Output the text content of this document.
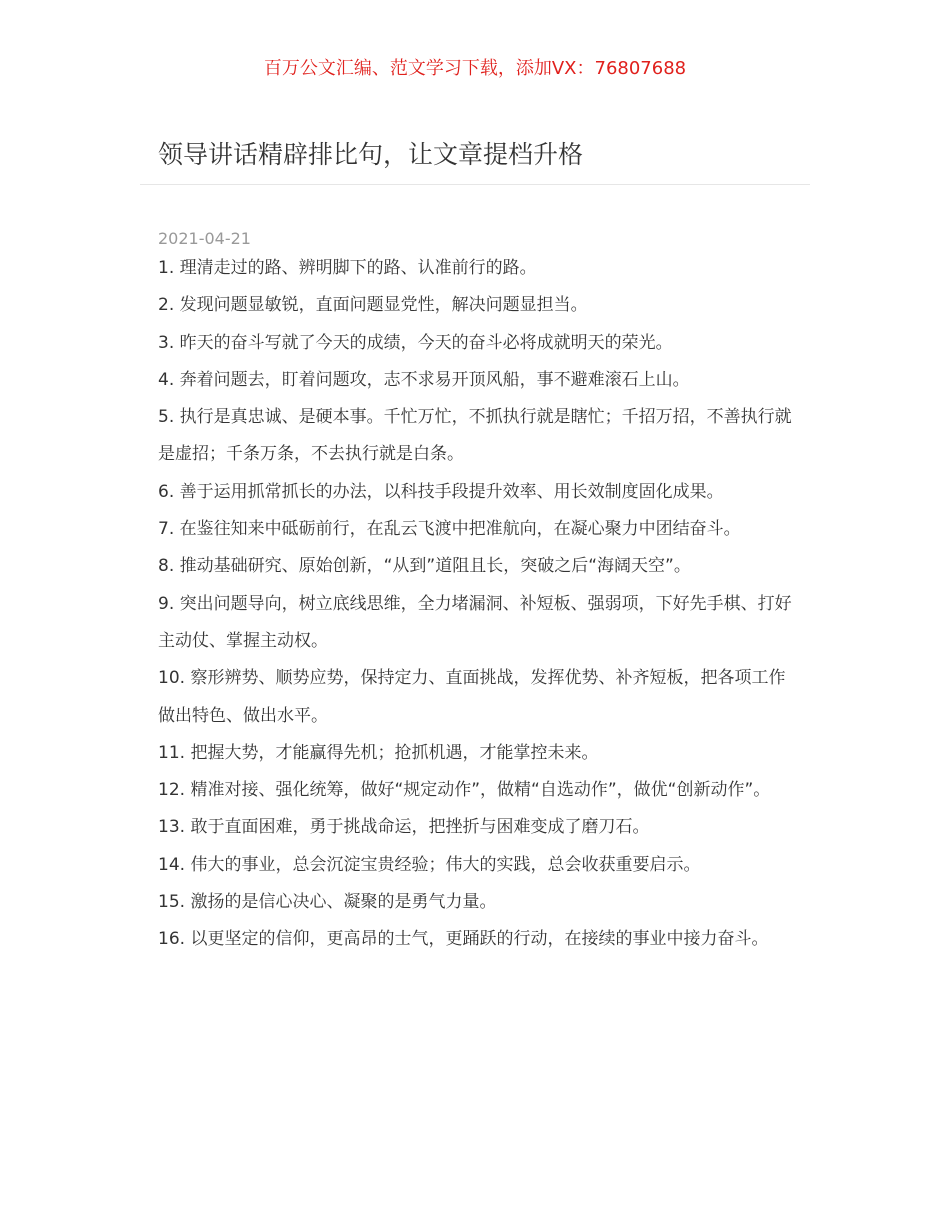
百万公文汇编、范文学习下载，添加VX：76807688

领导讲话精辟排比句，让文章提档升格

2021-04-21

1. 理清走过的路、辨明脚下的路、认准前行的路。
2. 发现问题显敏锐，直面问题显党性，解决问题显担当。
3. 昨天的奋斗写就了今天的成绩，今天的奋斗必将成就明天的荣光。
4. 奔着问题去，盯着问题攻，志不求易开顶风船，事不避难滚石上山。
5. 执行是真忠诚、是硬本事。千忙万忙，不抓执行就是瞎忙；千招万招，不善执行就是虚招；千条万条，不去执行就是白条。
6. 善于运用抓常抓长的办法，以科技手段提升效率、用长效制度固化成果。
7. 在鉴往知来中砥砺前行，在乱云飞渡中把准航向，在凝心聚力中团结奋斗。
8. 推动基础研究、原始创新，“从到”道阻且长，突破之后“海阔天空”。
9. 突出问题导向，树立底线思维，全力堵漏洞、补短板、强弱项，下好先手棋、打好主动仗、掌握主动权。
10. 察形辨势、顺势应势，保持定力、直面挑战，发挥优势、补齐短板，把各项工作做出特色、做出水平。
11. 把握大势，才能赢得先机；抢抓机遇，才能掌控未来。
12. 精准对接、强化统筹，做好“规定动作”，做精“自选动作”，做优“创新动作”。
13. 敢于直面困难，勇于挑战命运，把挫折与困难变成了磨刀石。
14. 伟大的事业，总会沉淀宝贵经验；伟大的实践，总会收获重要启示。
15. 激扬的是信心决心、凝聚的是勇气力量。
16. 以更坚定的信仰，更高昂的士气，更踊跃的行动，在接续的事业中接力奋斗。
